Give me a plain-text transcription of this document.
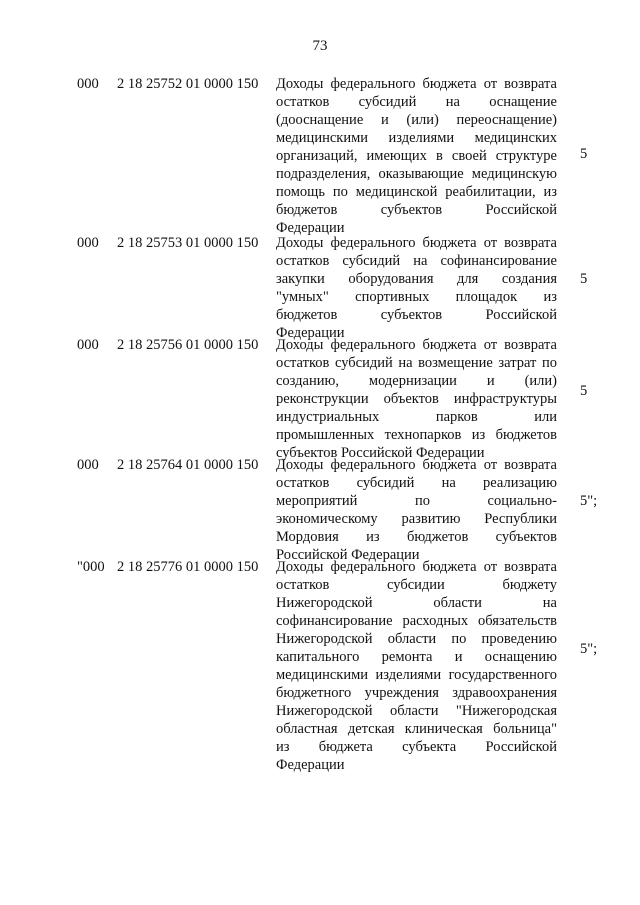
73
000 2 18 25752 01 0000 150 Доходы федерального бюджета от возврата
остатков субсидий на оснащение
(дооснащение и (или) переоснащение)
медицинскими изделиями медицинских
организаций, имеющих в своей структуре
подразделения, оказывающие медицинскую
помощь по медицинской реабилитации, из
бюджетов субъектов Российской
Федерации
5
000 2 18 25753 01 0000 150 Доходы федерального бюджета от возврата
остатков субсидий на софинансирование
закупки оборудования для создания
"умных" спортивных площадок из
бюджетов субъектов Российской
Федерации
5
000 2 18 25756 01 0000 150 Доходы федерального бюджета от возврата
остатков субсидий на возмещение затрат по
созданию, модернизации и (или)
реконструкции объектов инфраструктуры
индустриальных парков или
промышленных технопарков из бюджетов
субъектов Российской Федерации
5
000 2 18 25764 01 0000 150 Доходы федерального бюджета от возврата
остатков субсидий на реализацию
мероприятий по социально-
экономическому развитию Республики
Мордовия из бюджетов субъектов
Российской Федерации
5";
"000 2 18 25776 01 0000 150 Доходы федерального бюджета от возврата
остатков субсидии бюджету
Нижегородской области на
софинансирование расходных обязательств
Нижегородской области по проведению
капитального ремонта и оснащению
медицинскими изделиями государственного
бюджетного учреждения здравоохранения
Нижегородской области "Нижегородская
областная детская клиническая больница"
из бюджета субъекта Российской
Федерации
5";
